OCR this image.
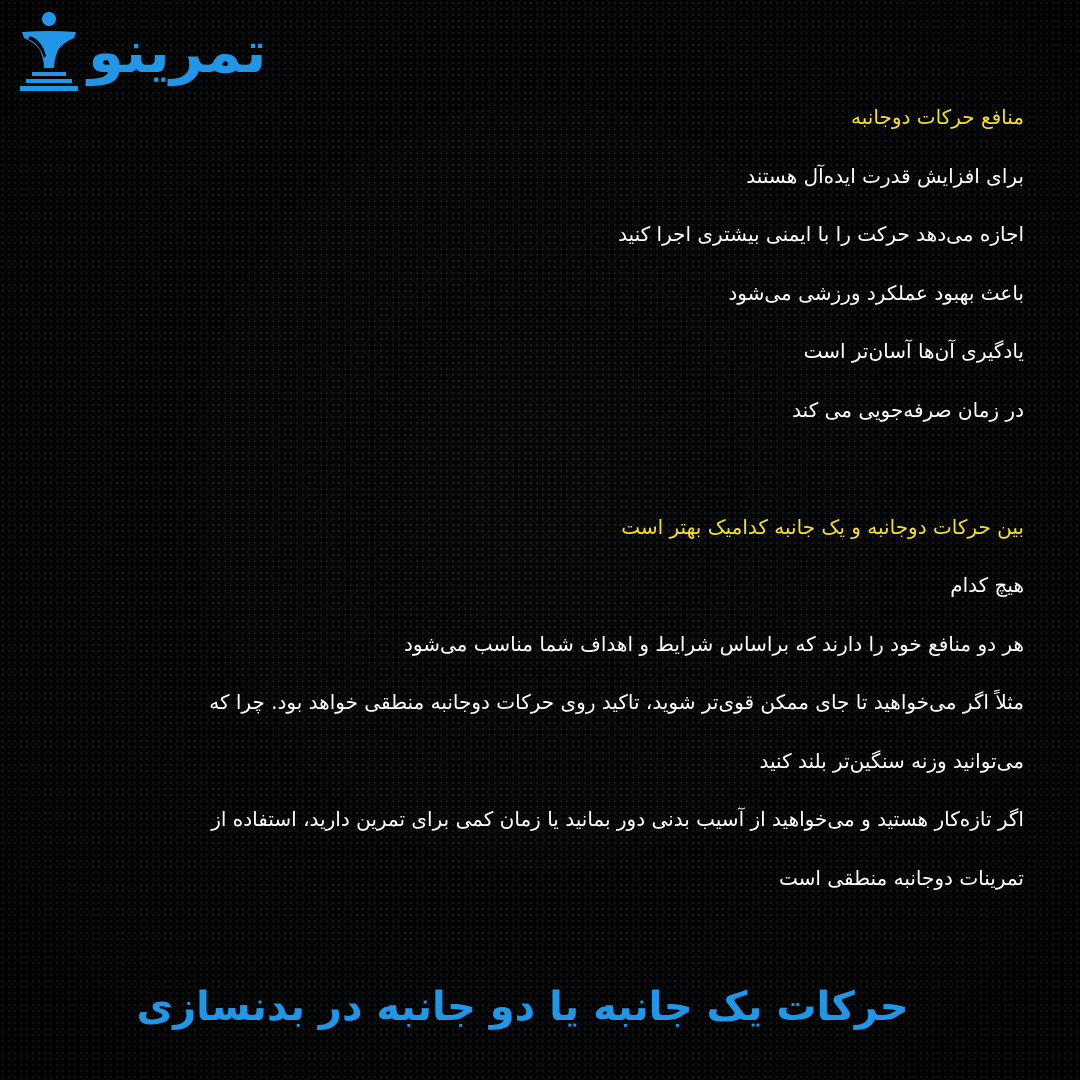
تمرینو
منافع حرکات دوجانبه
برای افزایش قدرت ایده‌آل هستند
اجازه می‌دهد حرکت را با ایمنی بیشتری اجرا کنید
باعث بهبود عملکرد ورزشی می‌شود
یادگیری آن‌ها آسان‌تر است
در زمان صرفه‌جویی می کند
بین حرکات دوجانبه و یک جانبه کدامیک بهتر است
هیچ کدام
هر دو منافع خود را دارند که براساس شرایط و اهداف شما مناسب می‌شود
مثلاً اگر می‌خواهید تا جای ممکن قوی‌تر شوید، تاکید روی حرکات دوجانبه منطقی خواهد بود. چرا که
می‌توانید وزنه سنگین‌تر بلند کنید
اگر تازه‌کار هستید و می‌خواهید از آسیب بدنی دور بمانید یا زمان کمی برای تمرین دارید، استفاده از
تمرینات دوجانبه منطقی است
حرکات یک جانبه یا دو جانبه در بدنسازی
